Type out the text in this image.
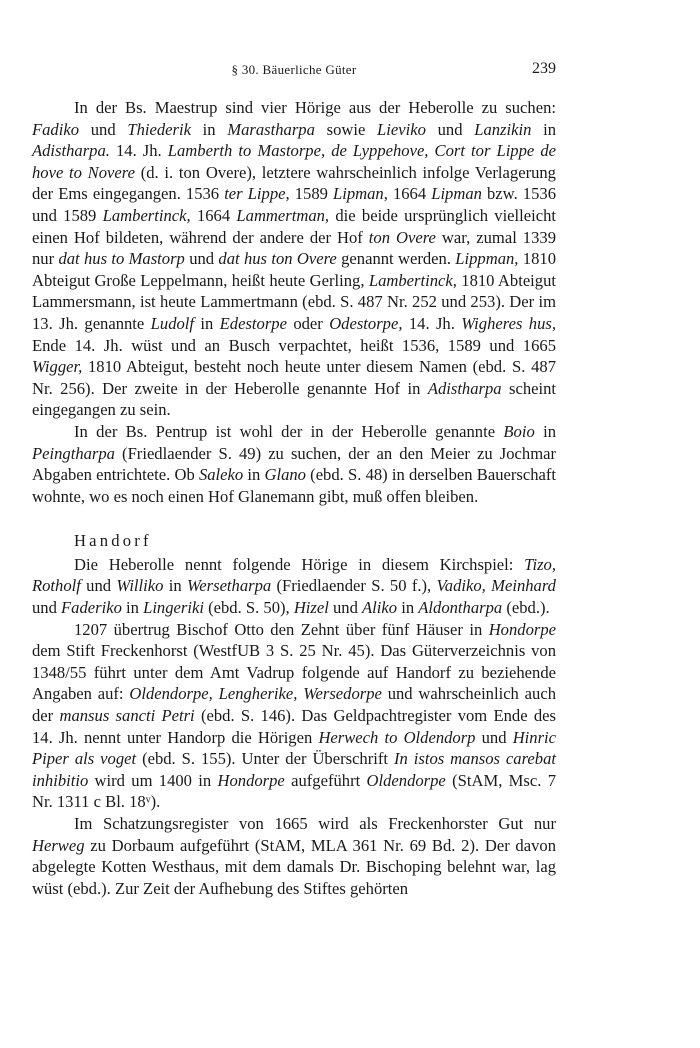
§ 30. Bäuerliche Güter	239

In der Bs. Maestrup sind vier Hörige aus der Heberolle zu suchen: Fadiko und Thiederik in Marastharpa sowie Lieviko und Lanzikin in Adistharpa. 14. Jh. Lamberth to Mastorpe, de Lyppehove, Cort tor Lippe de hove to Novere (d. i. ton Overe), letztere wahrscheinlich infolge Verlagerung der Ems eingegangen. 1536 ter Lippe, 1589 Lipman, 1664 Lipman bzw. 1536 und 1589 Lambertinck, 1664 Lammertman, die beide ursprünglich vielleicht einen Hof bildeten, während der andere der Hof ton Overe war, zumal 1339 nur dat hus to Mastorp und dat hus ton Overe genannt werden. Lippman, 1810 Abteigut Große Leppelmann, heißt heute Gerling, Lambertinck, 1810 Abteigut Lammersmann, ist heute Lammertmann (ebd. S. 487 Nr. 252 und 253). Der im 13. Jh. genannte Ludolf in Edestorpe oder Odestorpe, 14. Jh. Wigheres hus, Ende 14. Jh. wüst und an Busch verpachtet, heißt 1536, 1589 und 1665 Wigger, 1810 Abteigut, besteht noch heute unter diesem Namen (ebd. S. 487 Nr. 256). Der zweite in der Heberolle genannte Hof in Adistharpa scheint eingegangen zu sein.

In der Bs. Pentrup ist wohl der in der Heberolle genannte Boio in Peingtharpa (Friedlaender S. 49) zu suchen, der an den Meier zu Jochmar Abgaben entrichtete. Ob Saleko in Glano (ebd. S. 48) in derselben Bauerschaft wohnte, wo es noch einen Hof Glanemann gibt, muß offen bleiben.

Handorf

Die Heberolle nennt folgende Hörige in diesem Kirchspiel: Tizo, Rotholf und Williko in Wersetharpa (Friedlaender S. 50 f.), Vadiko, Meinhard und Faderiko in Lingeriki (ebd. S. 50), Hizel und Aliko in Aldontharpa (ebd.).

1207 übertrug Bischof Otto den Zehnt über fünf Häuser in Hondorpe dem Stift Freckenhorst (WestfUB 3 S. 25 Nr. 45). Das Güterverzeichnis von 1348/55 führt unter dem Amt Vadrup folgende auf Handorf zu beziehende Angaben auf: Oldendorpe, Lengherike, Wersedorpe und wahrscheinlich auch der mansus sancti Petri (ebd. S. 146). Das Geldpachtregister vom Ende des 14. Jh. nennt unter Handorp die Hörigen Herwech to Oldendorp und Hinric Piper als voget (ebd. S. 155). Unter der Überschrift In istos mansos carebat inhibitio wird um 1400 in Hondorpe aufgeführt Oldendorpe (StAM, Msc. 7 Nr. 1311 c Bl. 18ᵛ).

Im Schatzungsregister von 1665 wird als Freckenhorster Gut nur Herweg zu Dorbaum aufgeführt (StAM, MLA 361 Nr. 69 Bd. 2). Der davon abgelegte Kotten Westhaus, mit dem damals Dr. Bischoping belehnt war, lag wüst (ebd.). Zur Zeit der Aufhebung des Stiftes gehörten
